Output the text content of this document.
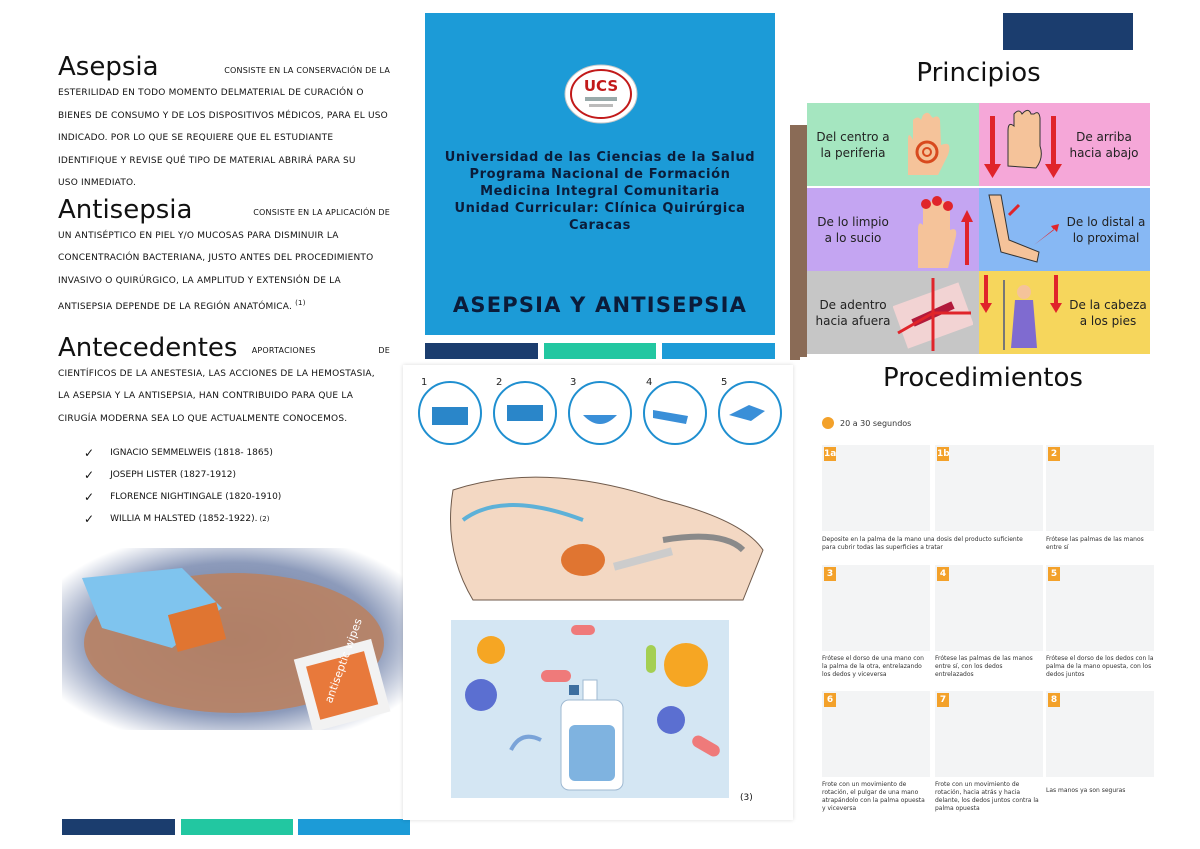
Asepsia	CONSISTE EN LA CONSERVACIÓN DE LA
ESTERILIDAD EN TODO MOMENTO DELMATERIAL DE CURACIÓN O
BIENES DE CONSUMO Y DE LOS DISPOSITIVOS MÉDICOS, PARA EL USO
INDICADO. POR LO QUE SE REQUIERE QUE EL ESTUDIANTE
IDENTIFIQUE Y REVISE QUÉ TIPO DE MATERIAL ABRIRÁ PARA SU
USO INMEDIATO.
Antisepsia	CONSISTE EN LA APLICACIÓN DE
UN ANTISÉPTICO EN PIEL Y/O MUCOSAS PARA DISMINUIR LA
CONCENTRACIÓN BACTERIANA, JUSTO ANTES DEL PROCEDIMIENTO
INVASIVO O QUIRÚRGICO, LA AMPLITUD Y EXTENSIÓN DE LA
ANTISEPSIA DEPENDE DE LA REGIÓN ANATÓMICA. $^{(1)}$
Antecedentes APORTACIONES DE
CIENTÍFICOS DE LA ANESTESIA, LAS ACCIONES DE LA HEMOSTASIA,
LA ASEPSIA Y LA ANTISEPSIA, HAN CONTRIBUIDO PARA QUE LA
CIRUGÍA MODERNA SEA LO QUE ACTUALMENTE CONOCEMOS.
✓ IGNACIO SEMMELWEIS (1818- 1865)
✓ JOSEPH LISTER (1827-1912)
✓ FLORENCE NIGHTINGALE (1820-1910)
✓ WILLIA M HALSTED (1852-1922). (2)
antiseptic wipes
UCS
Universidad de las Ciencias de la Salud
Programa Nacional de Formación
Medicina Integral Comunitaria
Unidad Curricular: Clínica Quirúrgica
Caracas
ASEPSIA Y ANTISEPSIA
1	2	3	4	5
(3)
Principios
Del centro a la periferia
De arriba hacia abajo
De lo limpio a lo sucio
De lo distal a lo proximal
De adentro hacia afuera
De la cabeza a los pies
Procedimientos
20 a 30 segundos
1a	1b	2
Deposite en la palma de la mano una dosis del producto suficiente para cubrir todas las superficies a tratar
Frótese las palmas de las manos entre sí
3	4	5
Frótese el dorso de una mano con la palma de la otra, entrelazando los dedos y viceversa
Frótese las palmas de las manos entre sí, con los dedos entrelazados
Frótese el dorso de los dedos con la palma de la mano opuesta, con los dedos juntos
6	7	8
Frote con un movimiento de rotación, el pulgar de una mano atrapándolo con la palma opuesta y viceversa
Frote con un movimiento de rotación, hacia atrás y hacia delante, los dedos juntos contra la palma opuesta
Las manos ya son seguras
